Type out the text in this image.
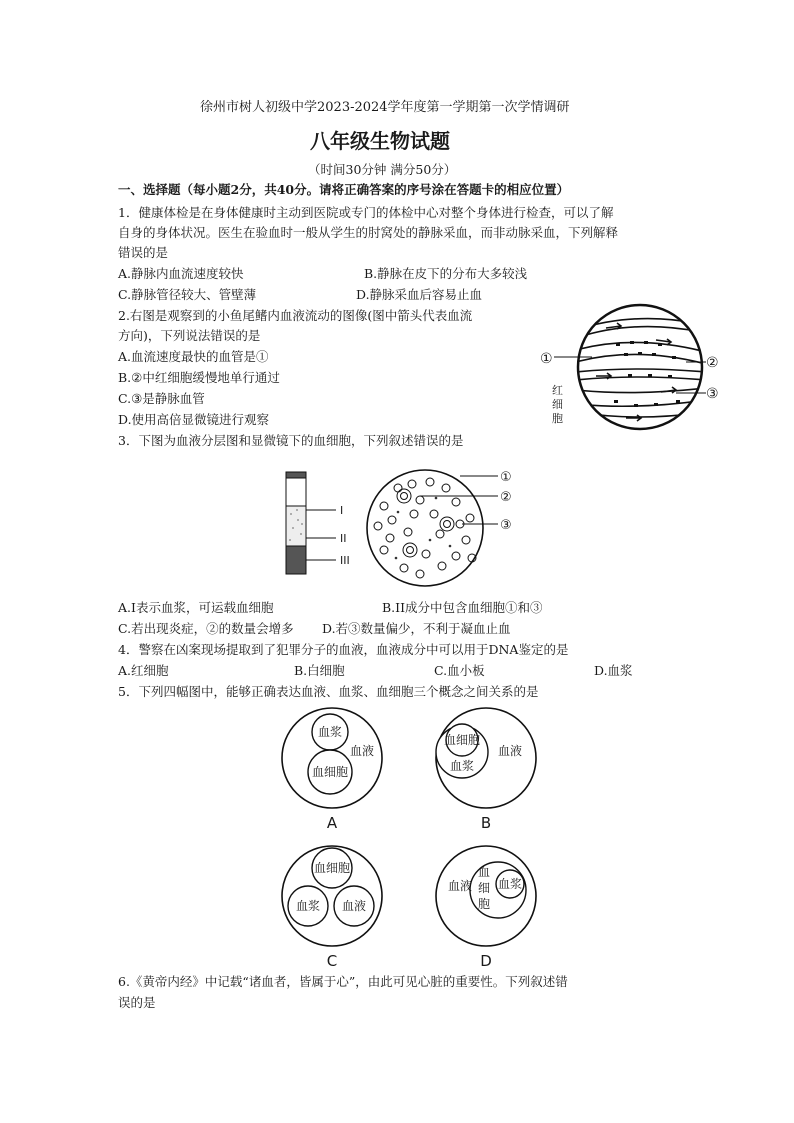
徐州市树人初级中学2023-2024学年度第一学期第一次学情调研
八年级生物试题
（时间30分钟 满分50分）
一、选择题（每小题2分，共40分。请将正确答案的序号涂在答题卡的相应位置）
1．健康体检是在身体健康时主动到医院或专门的体检中心对整个身体进行检查，可以了解
自身的身体状况。医生在验血时一般从学生的肘窝处的静脉采血，而非动脉采血，下列解释
错误的是
A.静脉内血流速度较快	B.静脉在皮下的分布大多较浅
C.静脉管径较大、管壁薄	D.静脉采血后容易止血
2.右图是观察到的小鱼尾鳍内血液流动的图像(图中箭头代表血流
方向)，下列说法错误的是
A.血流速度最快的血管是①
B.②中红细胞缓慢地单行通过
C.③是静脉血管
D.使用高倍显微镜进行观察
①	②
③
红
细
胞
3．下图为血液分层图和显微镜下的血细胞，下列叙述错误的是
I
II
III
①
②
③
A.I表示血浆，可运载血细胞	B.II成分中包含血细胞①和③
C.若出现炎症，②的数量会增多 D.若③数量偏少，不利于凝血止血
4．警察在凶案现场提取到了犯罪分子的血液，血液成分中可以用于DNA鉴定的是
A.红细胞	B.白细胞	C.血小板	D.血浆
5．下列四幅图中，能够正确表达血液、血浆、血细胞三个概念之间关系的是
血浆
血液
血细胞
A
血细胞
血液
血浆
B
血细胞
血浆 血液
C
血液
血
细
胞
血浆
D
6.《黄帝内经》中记载“诸血者，皆属于心”，由此可见心脏的重要性。下列叙述错
误的是
